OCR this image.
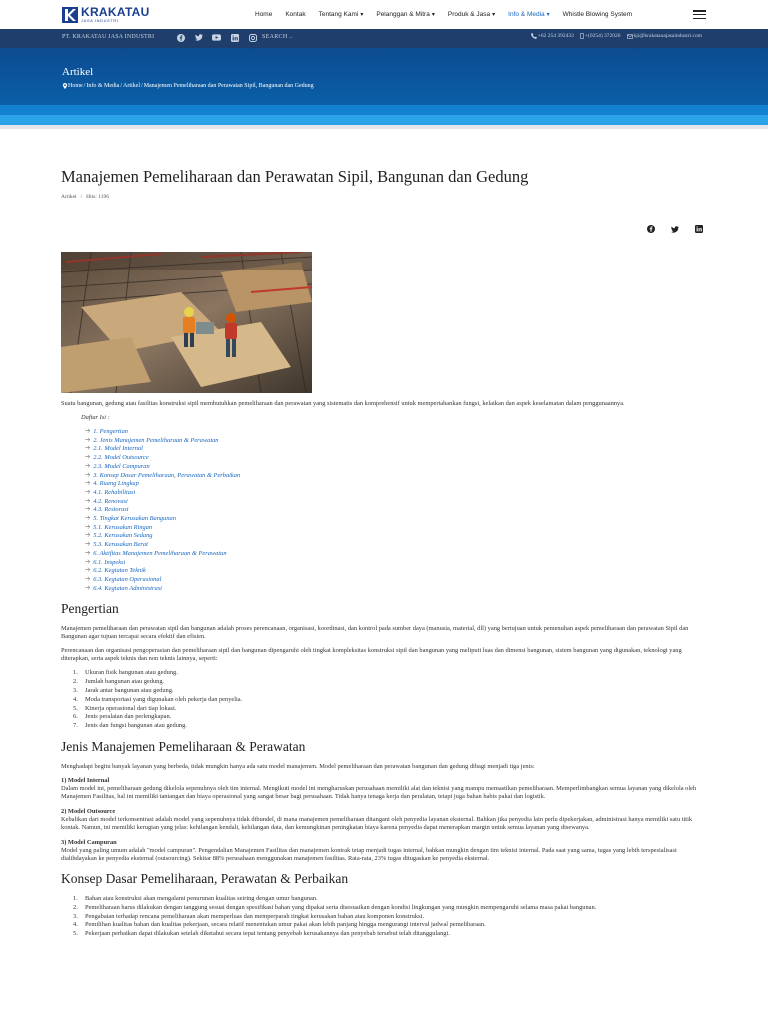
KRAKATAU
JASA INDUSTRI
Home Kontak Tentang Kami ▾ Pelanggan & Mitra ▾ Produk & Jasa ▾ Info & Media ▾ Whistle Blowing System
PT. KRAKATAU JASA INDUSTRI	SEARCH ..	+62 254 392433 +(0254) 372026 kji@krakatauajasaindustri.com
Artikel
Home / Info & Media / Artikel / Manajemen Pemeliharaan dan Perawatan Sipil, Bangunan dan Gedung
Manajemen Pemeliharaan dan Perawatan Sipil, Bangunan dan Gedung
Artikel / Hits: 1196

Suatu bangunan, gedung atau fasilitas konstruksi sipil membutuhkan pemeliharaan dan perawatan yang sistematis dan komprehensif untuk mempertahankan fungsi, kelaikan dan aspek keselamatan dalam penggunaannya.

Daftar Isi :
🡢 1. Pengertian
🡢 2. Jenis Manajemen Pemeliharaan & Perawatan
🡢 2.1. Model Internal
🡢 2.2. Model Outsource
🡢 2.3. Model Campuran
🡢 3. Konsep Dasar Pemeliharaan, Perawatan & Perbaikan
🡢 4. Ruang Lingkup
🡢 4.1. Rehabilitasi
🡢 4.2. Renovasi
🡢 4.3. Restorasi
🡢 5. Tingkat Kerusakan Bangunan
🡢 5.1. Kerusakan Ringan
🡢 5.2. Kerusakan Sedang
🡢 5.3. Kerusakan Berat
🡢 6. Aktifitas Manajemen Pemeliharaan & Perawatan
🡢 6.1. Inspeksi
🡢 6.2. Kegiatan Teknik
🡢 6.3. Kegiatan Operasional
🡢 6.4. Kegiatan Administrasi
Pengertian

Manajemen pemeliharaan dan perawatan sipil dan bangunan adalah proses perencanaan, organisasi, koordinasi, dan kontrol pada sumber daya (manusia, material, dll) yang bertujuan untuk pemenuhan aspek pemeliharaan dan perawatan Sipil dan Bangunan agar tujuan tercapai secara efektif dan efisien.

Perencanaan dan organisasi pengoperasian dan pemeliharaan sipil dan bangunan dipengaruhi oleh tingkat kompleksitas konstruksi sipil dan bangunan yang meliputi luas dan dimensi bangunan, sistem bangunan yang digunakan, teknologi yang diterapkan, serta aspek teknis dan non teknis lainnya, seperti:

1.	Ukuran fisik bangunan atau gedung.
2.	Jumlah bangunan atau gedung.
3.	Jarak antar bangunan atau gedung.
4.	Moda transportasi yang digunakan oleh pekerja dan penyelia.
5.	Kinerja operasional dari tiap lokasi.
6.	Jenis peralatan dan perlengkapan.
7.	Jenis dan fungsi bangunan atau gedung.
Jenis Manajemen Pemeliharaan & Perawatan

Menghadapi begitu banyak layanan yang berbeda, tidak mungkin hanya ada satu model manajemen. Model pemeliharaan dan perawatan bangunan dan gedung dibagi menjadi tiga jenis:

1) Model Internal
Dalam model ini, pemeliharaan gedung dikelola sepenuhnya oleh tim internal. Mengikuti model ini mengharuskan perusahaan memiliki alat dan teknisi yang mampu memastikan pemeliharaan. Memperlimbangkan semua layanan yang dikelola oleh Manajemen Fasilitas, hal ini memiliki tantangan dan biaya operasional yang sangat besar bagi perusahaan. Tidak hanya tenaga kerja dan peralatan, tetapi juga bahan habis pakai dan logistik.
2) Model Outsource
Kebalikan dari model terkonsentrasi adalah model yang sepenuhnya tidak dibundel, di mana manajemen pemeliharaan ditangani oleh penyedia layanan eksternal. Bahkan jika penyedia lain perlu dipekerjakan, administrasi hanya memiliki satu titik kontak. Namun, ini memiliki kerugian yang jelas: kehilangan kendali, kehilangan data, dan kemungkinan peningkatan biaya karena penyedia dapat menerapkan margin untuk semua layanan yang disewanya.
3) Model Campuran
Model yang paling umum adalah "model campuran". Pengendalian Manajemen Fasilitas dan manajemen kontrak tetap menjadi tugas internal, bahkan mungkin dengan tim teknisi internal. Pada saat yang sama, tugas yang lebih terspesialisasi dialihdayakan ke penyedia eksternal (outsourcing). Sekitar 88% perusahaan menggunakan manajemen fasilitas. Rata-rata, 23% tugas ditugaskan ke penyedia eksternal.
Konsep Dasar Pemeliharaan, Perawatan & Perbaikan
1.	Bahan atau konstruksi akan mengalami penurunan kualitas seiring dengan umur bangunan.
2.	Pemeliharaan harus dilakukan dengan tanggung sesuai dengan spesifikasi bahan yang dipakai serta disesuaikan dengan kondisi lingkungan yang mungkin mempengaruhi selama masa pakai bangunan.
3.	Pengabaian terhadap rencana pemeliharaan akan memperluas dan memperparah tingkat kerusakan bahan atau komponen konstruksi.
4.	Pemilihan kualitas bahan dan kualitas pekerjaan, secara relatif menentukan umur pakai akan lebih panjang hingga mengurangi interval jadwal pemeliharaan.
5.	Pekerjaan perbaikan dapat dilakukan setelah diketahui secara tepat tentang penyebab kerusakannya dan penyebab tersebut telah ditanggulangi.
